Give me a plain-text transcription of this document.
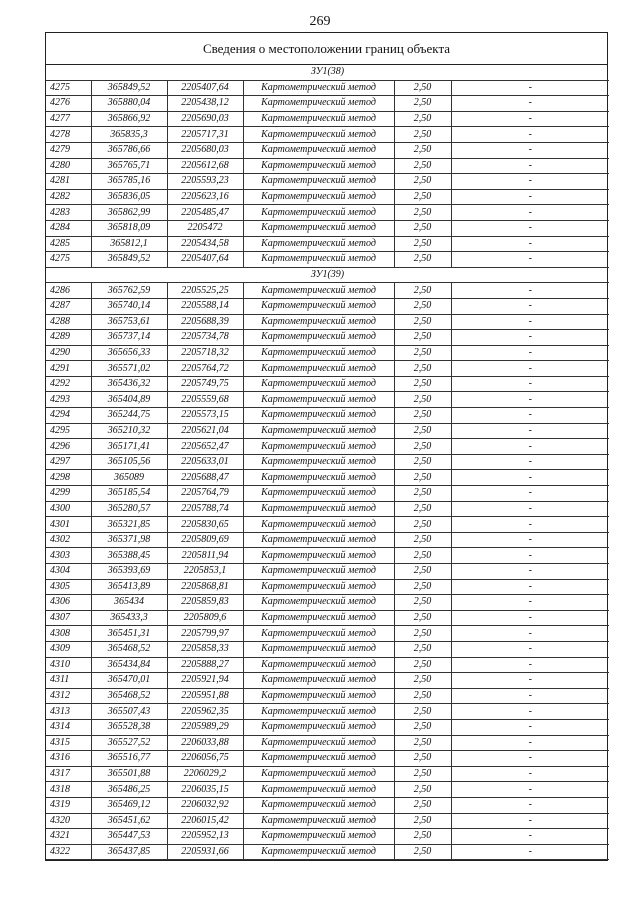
269
Сведения о местоположении границ объекта
ЗУ1(38)					
4275	365849,52	2205407,64	Картометрический метод	2,50	-
4276	365880,04	2205438,12	Картометрический метод	2,50	-
4277	365866,92	2205690,03	Картометрический метод	2,50	-
4278	365835,3	2205717,31	Картометрический метод	2,50	-
4279	365786,66	2205680,03	Картометрический метод	2,50	-
4280	365765,71	2205612,68	Картометрический метод	2,50	-
4281	365785,16	2205593,23	Картометрический метод	2,50	-
4282	365836,05	2205623,16	Картометрический метод	2,50	-
4283	365862,99	2205485,47	Картометрический метод	2,50	-
4284	365818,09	2205472	Картометрический метод	2,50	-
4285	365812,1	2205434,58	Картометрический метод	2,50	-
4275	365849,52	2205407,64	Картометрический метод	2,50	-
ЗУ1(39)					
4286	365762,59	2205525,25	Картометрический метод	2,50	-
4287	365740,14	2205588,14	Картометрический метод	2,50	-
4288	365753,61	2205688,39	Картометрический метод	2,50	-
4289	365737,14	2205734,78	Картометрический метод	2,50	-
4290	365656,33	2205718,32	Картометрический метод	2,50	-
4291	365571,02	2205764,72	Картометрический метод	2,50	-
4292	365436,32	2205749,75	Картометрический метод	2,50	-
4293	365404,89	2205559,68	Картометрический метод	2,50	-
4294	365244,75	2205573,15	Картометрический метод	2,50	-
4295	365210,32	2205621,04	Картометрический метод	2,50	-
4296	365171,41	2205652,47	Картометрический метод	2,50	-
4297	365105,56	2205633,01	Картометрический метод	2,50	-
4298	365089	2205688,47	Картометрический метод	2,50	-
4299	365185,54	2205764,79	Картометрический метод	2,50	-
4300	365280,57	2205788,74	Картометрический метод	2,50	-
4301	365321,85	2205830,65	Картометрический метод	2,50	-
4302	365371,98	2205809,69	Картометрический метод	2,50	-
4303	365388,45	2205811,94	Картометрический метод	2,50	-
4304	365393,69	2205853,1	Картометрический метод	2,50	-
4305	365413,89	2205868,81	Картометрический метод	2,50	-
4306	365434	2205859,83	Картометрический метод	2,50	-
4307	365433,3	2205809,6	Картометрический метод	2,50	-
4308	365451,31	2205799,97	Картометрический метод	2,50	-
4309	365468,52	2205858,33	Картометрический метод	2,50	-
4310	365434,84	2205888,27	Картометрический метод	2,50	-
4311	365470,01	2205921,94	Картометрический метод	2,50	-
4312	365468,52	2205951,88	Картометрический метод	2,50	-
4313	365507,43	2205962,35	Картометрический метод	2,50	-
4314	365528,38	2205989,29	Картометрический метод	2,50	-
4315	365527,52	2206033,88	Картометрический метод	2,50	-
4316	365516,77	2206056,75	Картометрический метод	2,50	-
4317	365501,88	2206029,2	Картометрический метод	2,50	-
4318	365486,25	2206035,15	Картометрический метод	2,50	-
4319	365469,12	2206032,92	Картометрический метод	2,50	-
4320	365451,62	2206015,42	Картометрический метод	2,50	-
4321	365447,53	2205952,13	Картометрический метод	2,50	-
4322	365437,85	2205931,66	Картометрический метод	2,50	-
